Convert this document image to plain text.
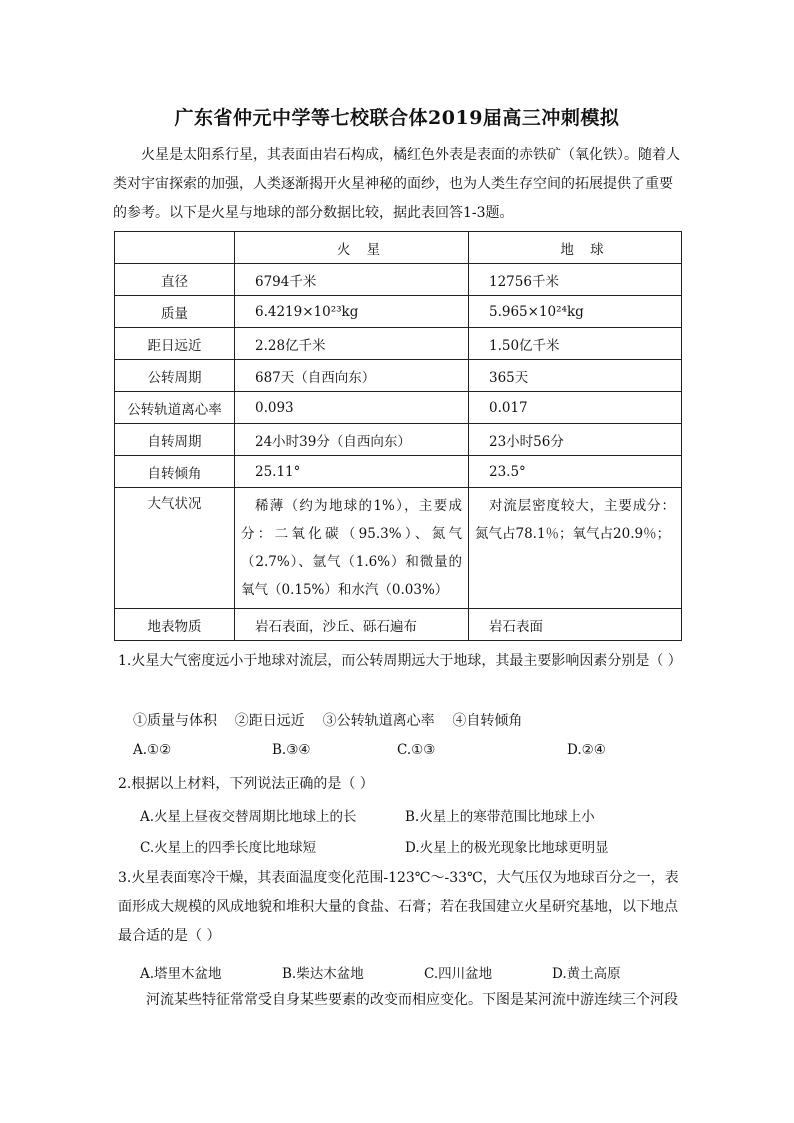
广东省仲元中学等七校联合体2019届高三冲刺模拟
火星是太阳系行星，其表面由岩石构成，橘红色外表是表面的赤铁矿（氧化铁）。随着人类对宇宙探索的加强，人类逐渐揭开火星神秘的面纱，也为人类生存空间的拓展提供了重要的参考。以下是火星与地球的部分数据比较，据此表回答1-3题。
	火 星	地 球
直径	6794千米	12756千米
质量	6.4219×10²³kg	5.965×10²⁴kg
距日远近	2.28亿千米	1.50亿千米
公转周期	687天（自西向东）	365天
公转轨道离心率	0.093	0.017
自转周期	24小时39分（自西向东）	23小时56分
自转倾角	25.11°	23.5°
大气状况	稀薄（约为地球的1%），主要成分：二氧化碳（95.3%）、氮气（2.7%）、氩气（1.6%）和微量的氧气（0.15%）和水汽（0.03%）	对流层密度较大，主要成分：氮气占78.1％；氧气占20.9％；

地表物质	岩石表面，沙丘、砾石遍布	岩石表面
1.火星大气密度远小于地球对流层，而公转周期远大于地球，其最主要影响因素分别是（ ）
①质量与体积    ②距日远近    ③公转轨道离心率    ④自转倾角
A.①②	B.③④	C.①③	D.②④
2.根据以上材料，下列说法正确的是（ ）
A.火星上昼夜交替周期比地球上的长	B.火星上的寒带范围比地球上小
C.火星上的四季长度比地球短	D.火星上的极光现象比地球更明显
3.火星表面寒冷干燥，其表面温度变化范围-123℃～-33℃，大气压仅为地球百分之一，表面形成大规模的风成地貌和堆积大量的食盐、石膏；若在我国建立火星研究基地，以下地点最合适的是（ ）
A.塔里木盆地	B.柴达木盆地	C.四川盆地	D.黄土高原
河流某些特征常常受自身某些要素的改变而相应变化。下图是某河流中游连续三个河段
